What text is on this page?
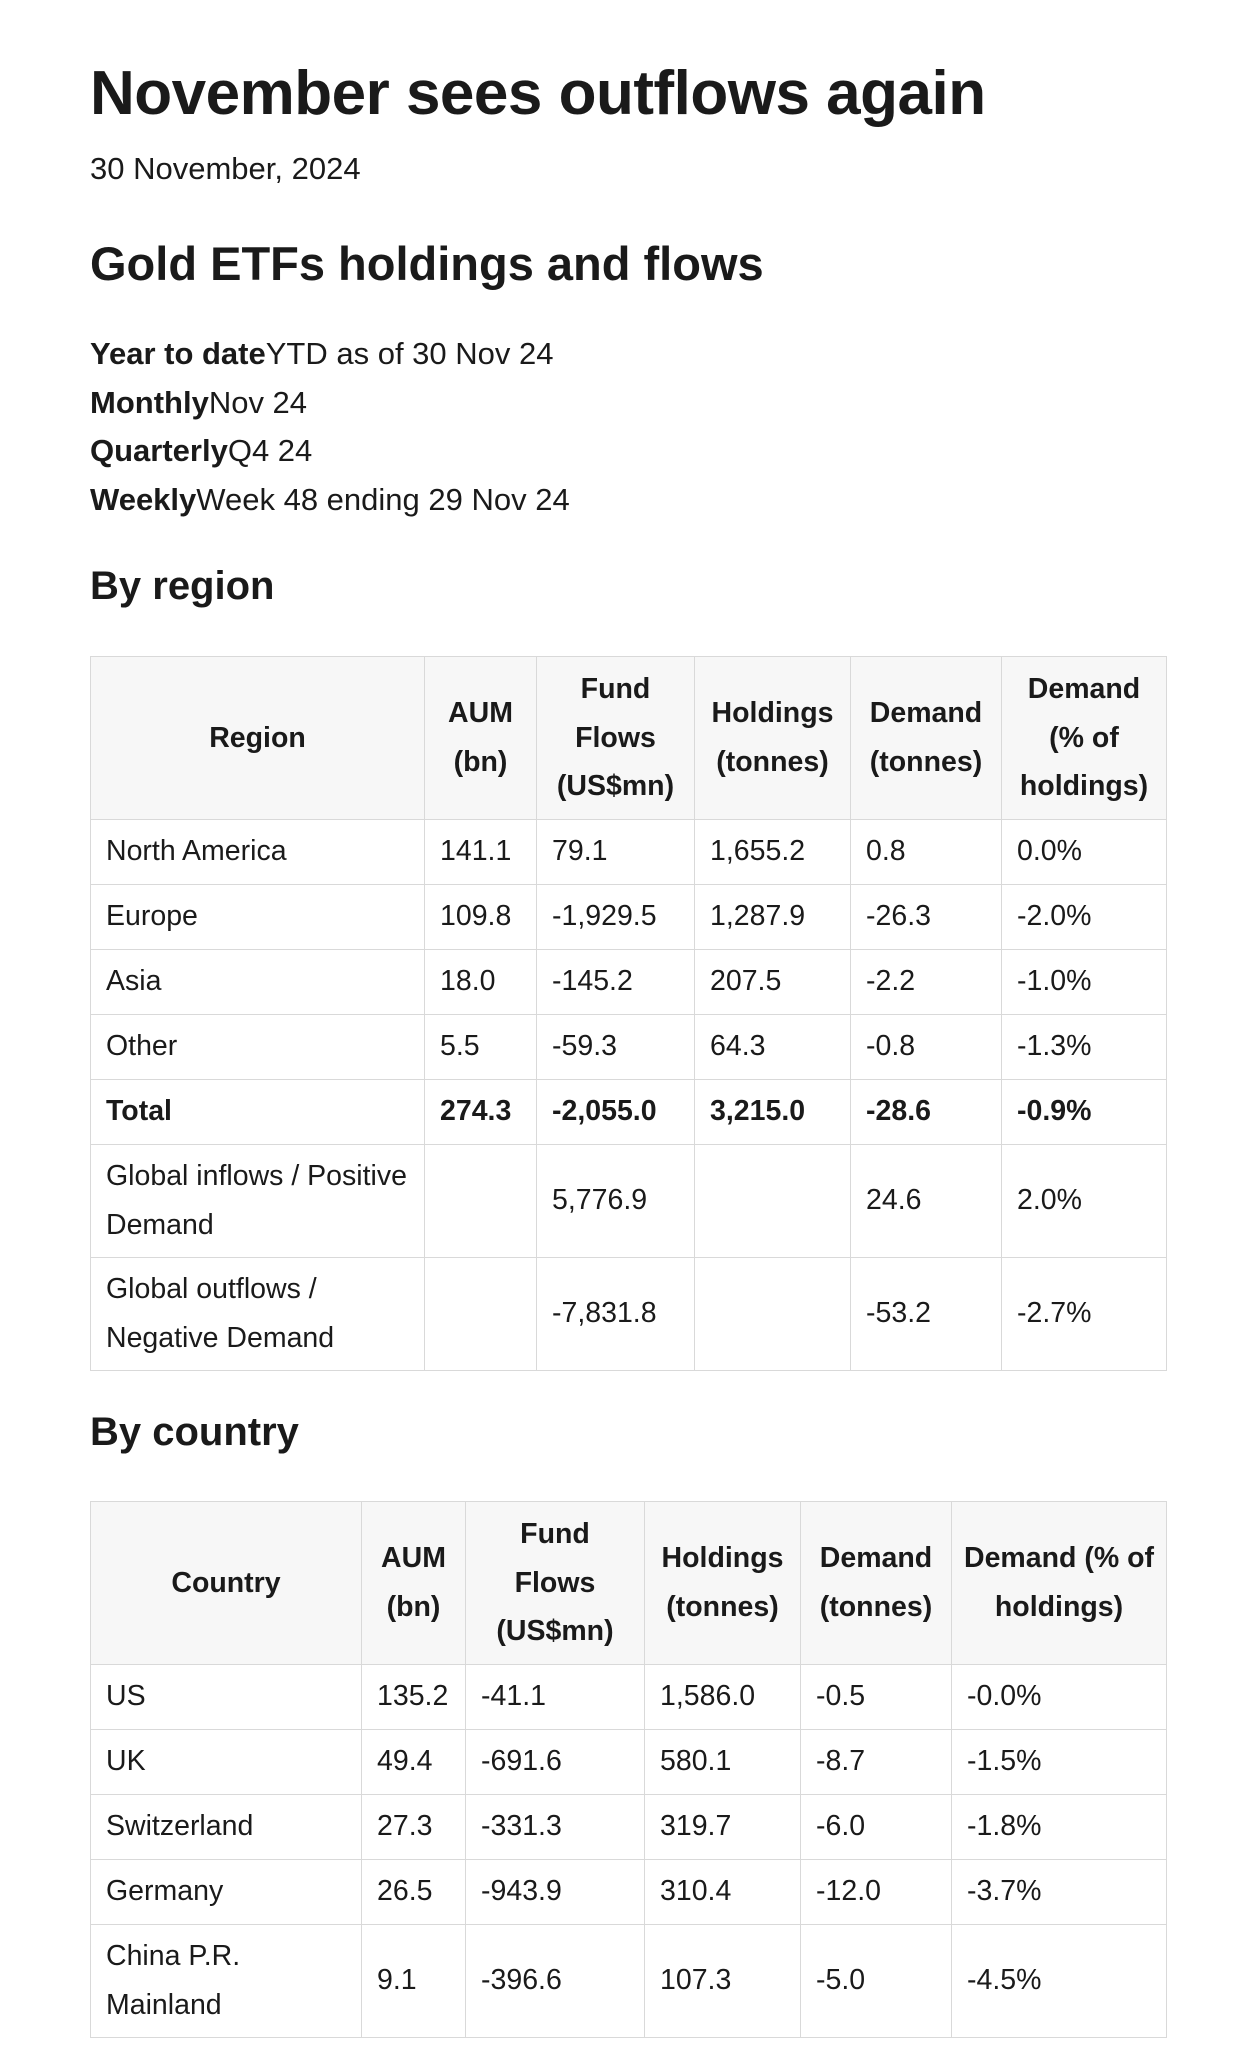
November sees outflows again
30 November, 2024
Gold ETFs holdings and flows
Year to dateYTD as of 30 Nov 24
MonthlyNov 24
QuarterlyQ4 24
WeeklyWeek 48 ending 29 Nov 24
By region
Region	AUM (bn)	Fund Flows (US$mn)	Holdings (tonnes)	Demand (tonnes)	Demand (% of holdings)
North America	141.1	79.1	1,655.2	0.8	0.0%
Europe	109.8	-1,929.5	1,287.9	-26.3	-2.0%
Asia	18.0	-145.2	207.5	-2.2	-1.0%
Other	5.5	-59.3	64.3	-0.8	-1.3%
Total	274.3	-2,055.0	3,215.0	-28.6	-0.9%
Global inflows / Positive Demand		5,776.9		24.6	2.0%
Global outflows / Negative Demand		-7,831.8		-53.2	-2.7%
By country
Country	AUM (bn)	Fund Flows (US$mn)	Holdings (tonnes)	Demand (tonnes)	Demand (% of holdings)
US	135.2	-41.1	1,586.0	-0.5	-0.0%
UK	49.4	-691.6	580.1	-8.7	-1.5%
Switzerland	27.3	-331.3	319.7	-6.0	-1.8%
Germany	26.5	-943.9	310.4	-12.0	-3.7%
China P.R. Mainland	9.1	-396.6	107.3	-5.0	-4.5%
